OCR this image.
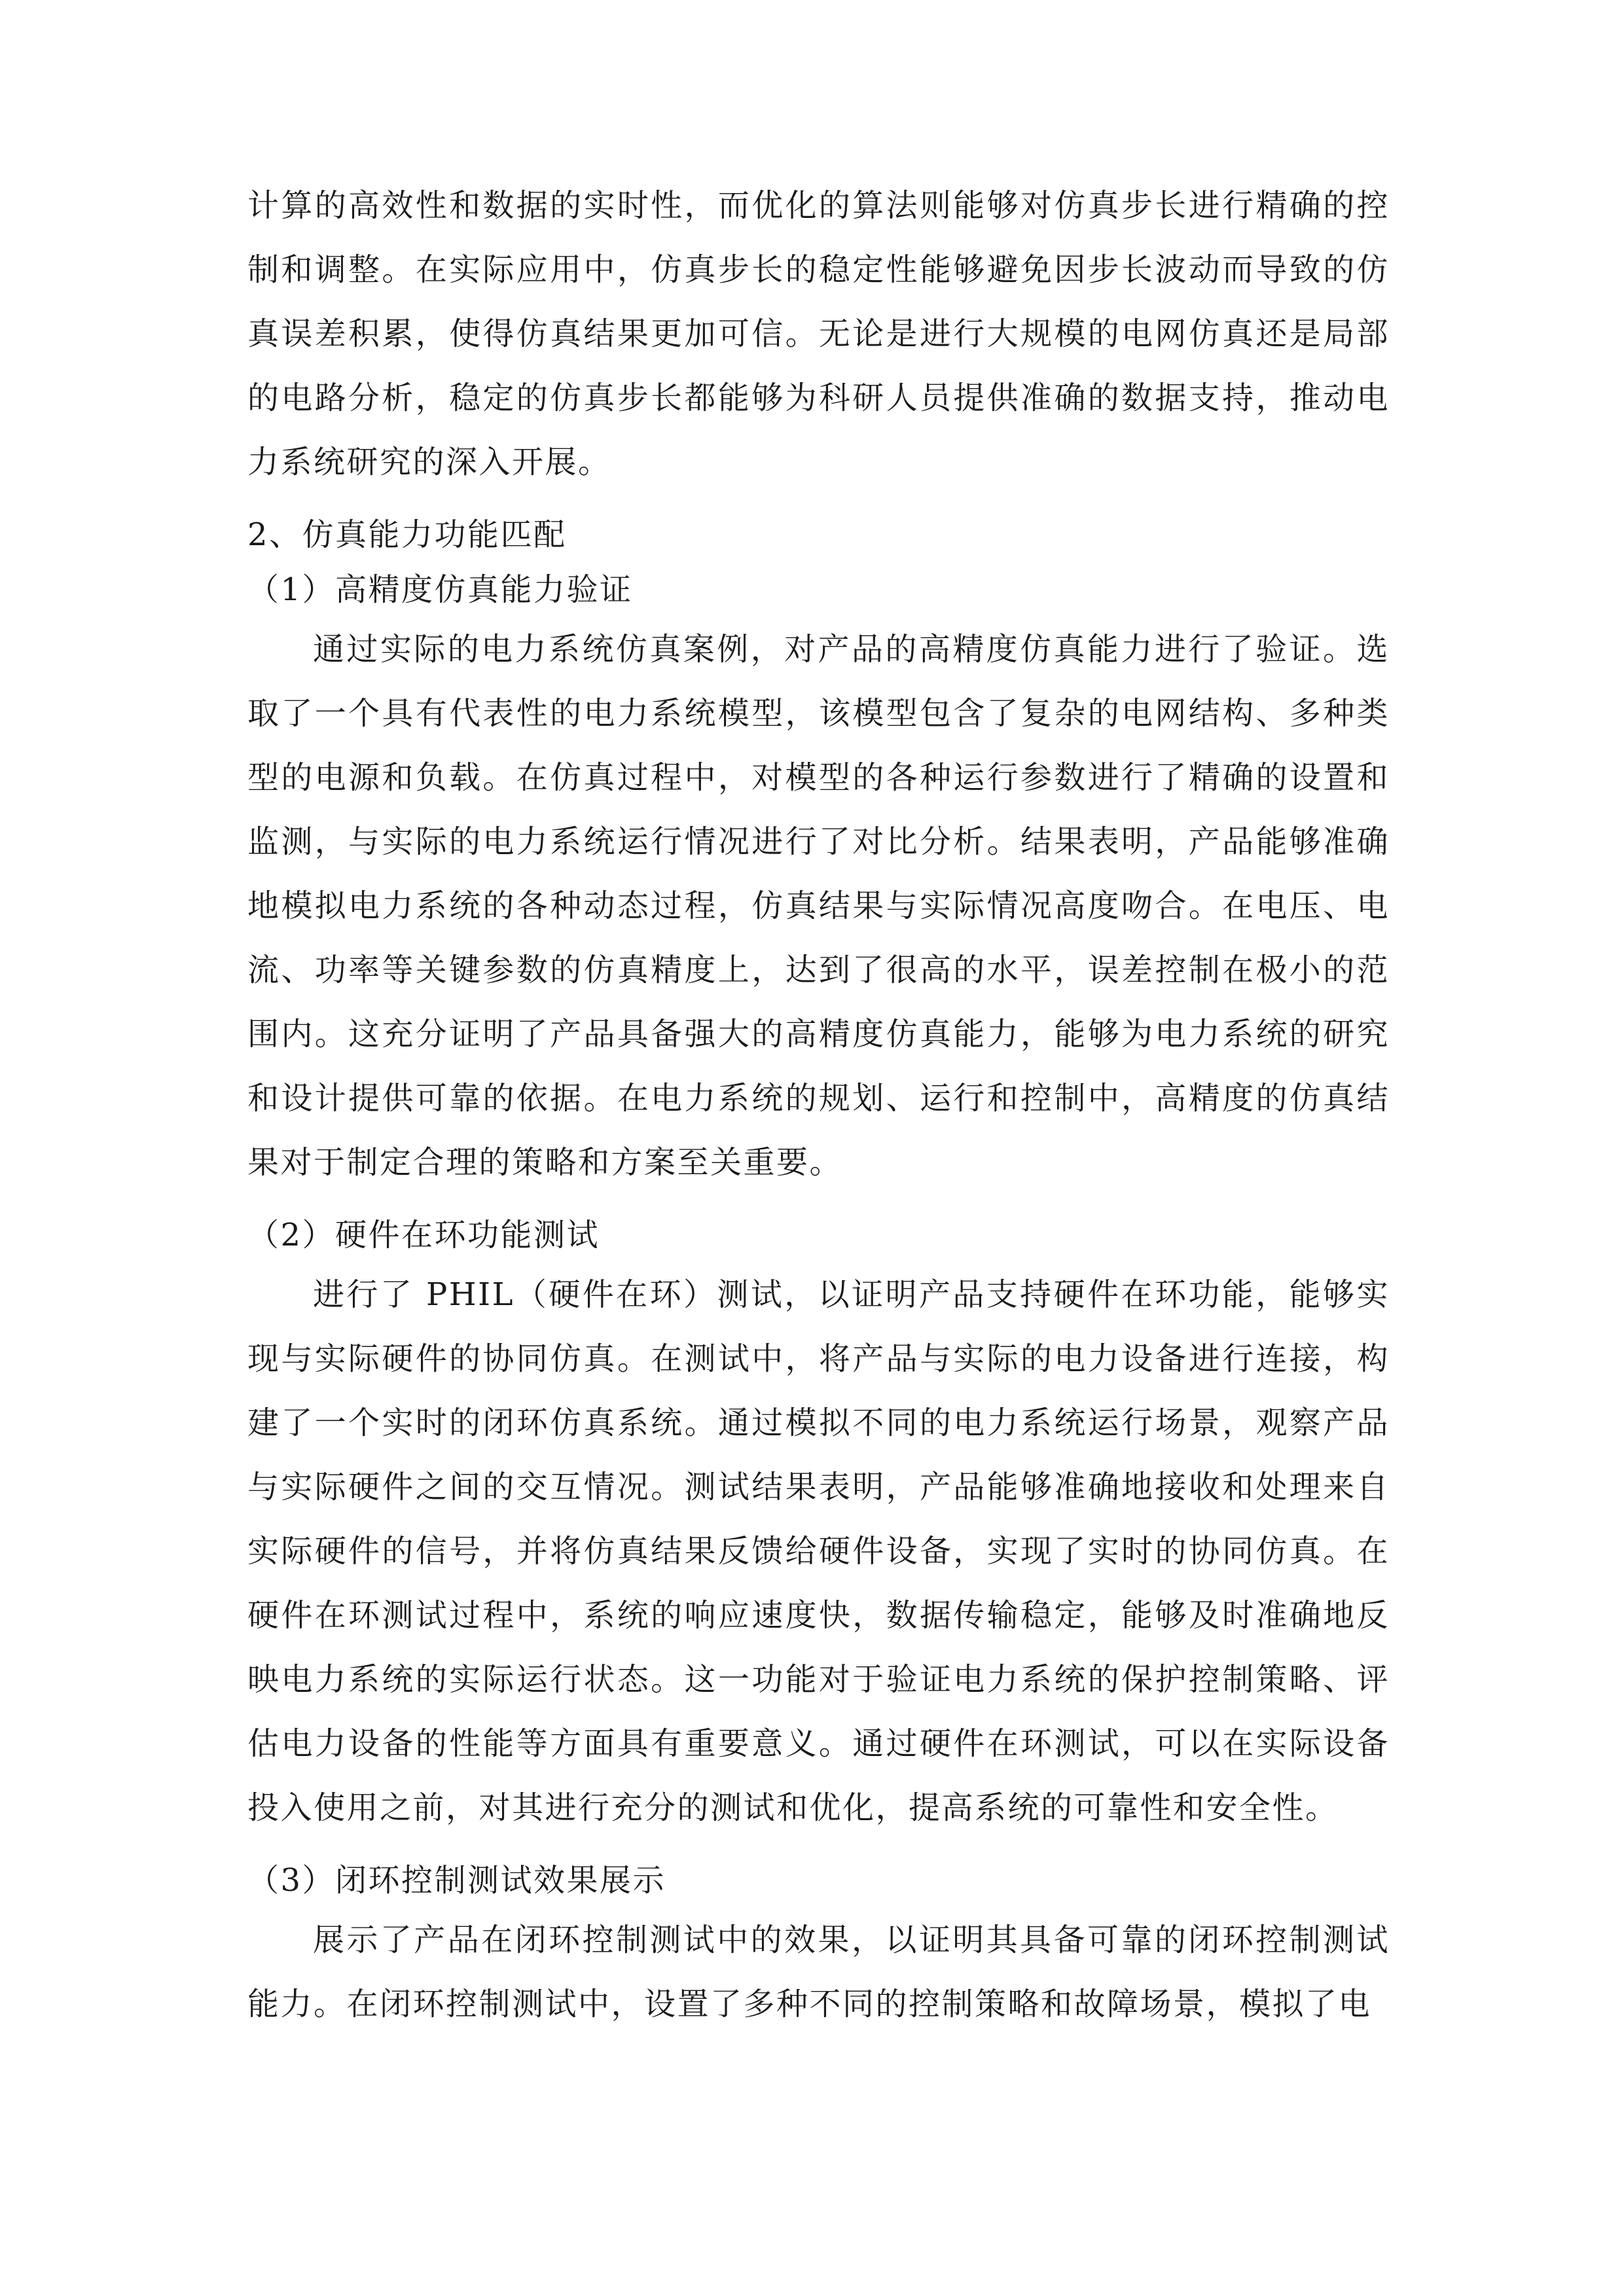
计算的高效性和数据的实时性，而优化的算法则能够对仿真步长进行精确的控制和调整。在实际应用中，仿真步长的稳定性能够避免因步长波动而导致的仿真误差积累，使得仿真结果更加可信。无论是进行大规模的电网仿真还是局部的电路分析，稳定的仿真步长都能够为科研人员提供准确的数据支持，推动电力系统研究的深入开展。

2、仿真能力功能匹配

（1）高精度仿真能力验证

通过实际的电力系统仿真案例，对产品的高精度仿真能力进行了验证。选取了一个具有代表性的电力系统模型，该模型包含了复杂的电网结构、多种类型的电源和负载。在仿真过程中，对模型的各种运行参数进行了精确的设置和监测，与实际的电力系统运行情况进行了对比分析。结果表明，产品能够准确地模拟电力系统的各种动态过程，仿真结果与实际情况高度吻合。在电压、电流、功率等关键参数的仿真精度上，达到了很高的水平，误差控制在极小的范围内。这充分证明了产品具备强大的高精度仿真能力，能够为电力系统的研究和设计提供可靠的依据。在电力系统的规划、运行和控制中，高精度的仿真结果对于制定合理的策略和方案至关重要。

（2）硬件在环功能测试

进行了 PHIL（硬件在环）测试，以证明产品支持硬件在环功能，能够实现与实际硬件的协同仿真。在测试中，将产品与实际的电力设备进行连接，构建了一个实时的闭环仿真系统。通过模拟不同的电力系统运行场景，观察产品与实际硬件之间的交互情况。测试结果表明，产品能够准确地接收和处理来自实际硬件的信号，并将仿真结果反馈给硬件设备，实现了实时的协同仿真。在硬件在环测试过程中，系统的响应速度快，数据传输稳定，能够及时准确地反映电力系统的实际运行状态。这一功能对于验证电力系统的保护控制策略、评估电力设备的性能等方面具有重要意义。通过硬件在环测试，可以在实际设备投入使用之前，对其进行充分的测试和优化，提高系统的可靠性和安全性。

（3）闭环控制测试效果展示

展示了产品在闭环控制测试中的效果，以证明其具备可靠的闭环控制测试能力。在闭环控制测试中，设置了多种不同的控制策略和故障场景，模拟了电
